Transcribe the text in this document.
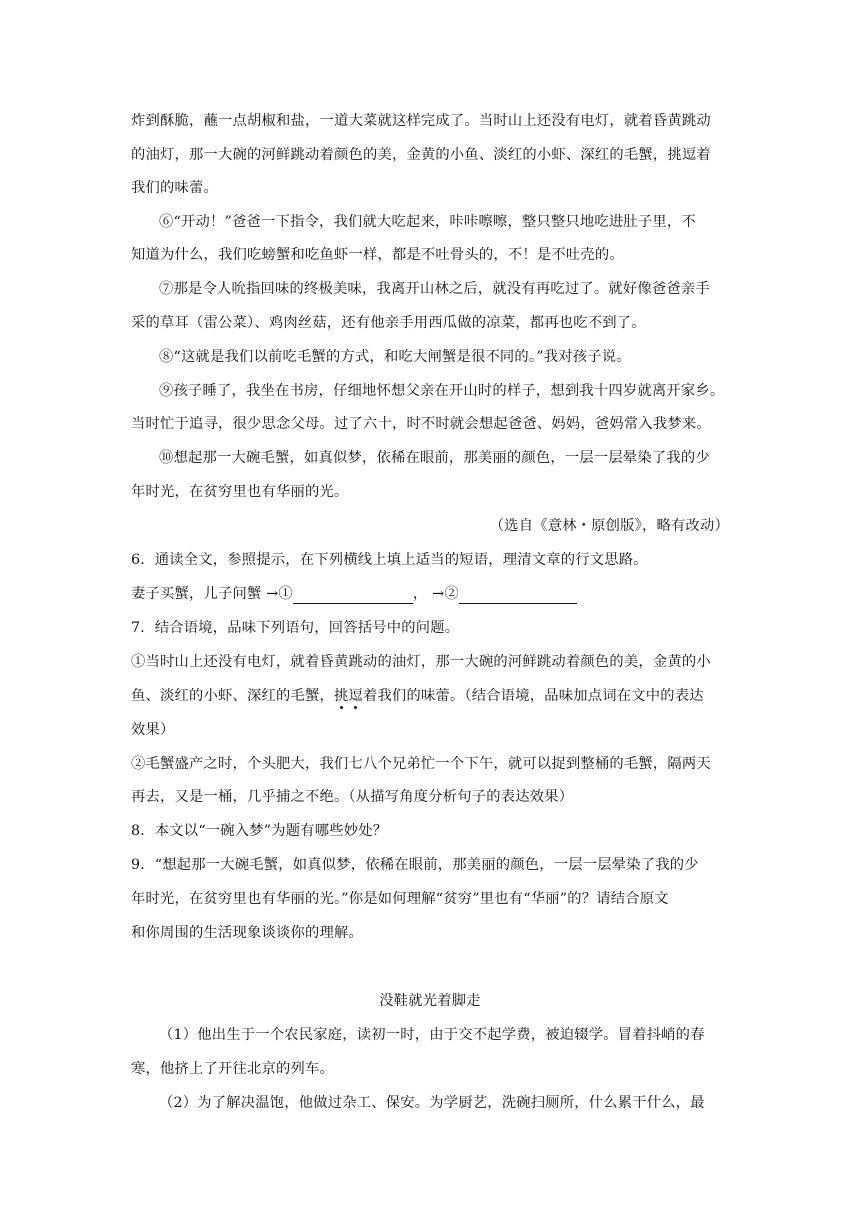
炸到酥脆，蘸一点胡椒和盐，一道大菜就这样完成了。当时山上还没有电灯，就着昏黄跳动
的油灯，那一大碗的河鲜跳动着颜色的美，金黄的小鱼、淡红的小虾、深红的毛蟹，挑逗着
我们的味蕾。
⑥“开动！”爸爸一下指令，我们就大吃起来，咔咔嚓嚓，整只整只地吃进肚子里，不
知道为什么，我们吃螃蟹和吃鱼虾一样，都是不吐骨头的，不！是不吐壳的。
⑦那是令人吮指回味的终极美味，我离开山林之后，就没有再吃过了。就好像爸爸亲手
采的草耳（雷公菜）、鸡肉丝菇，还有他亲手用西瓜做的凉菜，都再也吃不到了。
⑧“这就是我们以前吃毛蟹的方式，和吃大闸蟹是很不同的。”我对孩子说。
⑨孩子睡了，我坐在书房，仔细地怀想父亲在开山时的样子，想到我十四岁就离开家乡。
当时忙于追寻，很少思念父母。过了六十，时不时就会想起爸爸、妈妈，爸妈常入我梦来。
⑩想起那一大碗毛蟹，如真似梦，依稀在眼前，那美丽的颜色，一层一层晕染了我的少
年时光，在贫穷里也有华丽的光。
（选自《意林・原创版》，略有改动）
6．通读全文，参照提示，在下列横线上填上适当的短语，理清文章的行文思路。
妻子买蟹，儿子问蟹 →①	， →②
7．结合语境，品味下列语句，回答括号中的问题。
①当时山上还没有电灯，就着昏黄跳动的油灯，那一大碗的河鲜跳动着颜色的美，金黄的小
鱼、淡红的小虾、深红的毛蟹，挑逗着我们的味蕾。（结合语境，品味加点词在文中的表达
效果）
②毛蟹盛产之时，个头肥大，我们七八个兄弟忙一个下午，就可以捉到整桶的毛蟹，隔两天
再去，又是一桶，几乎捕之不绝。（从描写角度分析句子的表达效果）
8．本文以“一碗入梦”为题有哪些妙处？
9．“想起那一大碗毛蟹，如真似梦，依稀在眼前，那美丽的颜色，一层一层晕染了我的少
年时光，在贫穷里也有华丽的光。”你是如何理解“贫穷”里也有“华丽”的？请结合原文
和你周围的生活现象谈谈你的理解。
没鞋就光着脚走
（1）他出生于一个农民家庭，读初一时，由于交不起学费，被迫辍学。冒着抖峭的春
寒，他挤上了开往北京的列车。
（2）为了解决温饱，他做过杂工、保安。为学厨艺，洗碗扫厕所，什么累干什么，最
